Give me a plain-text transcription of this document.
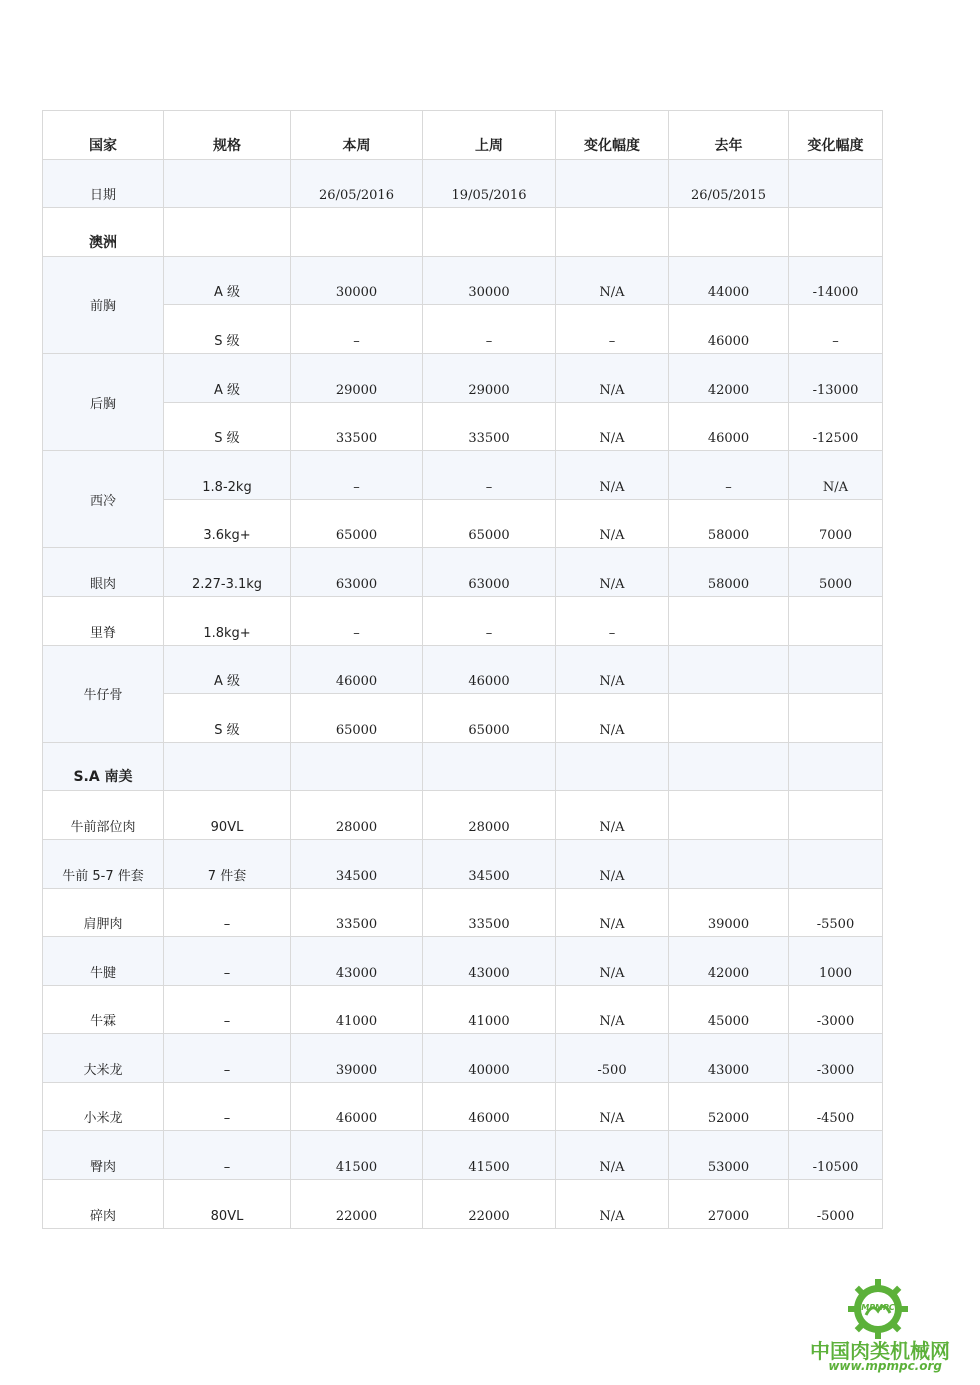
国家	规格	本周	上周	变化幅度	去年	变化幅度
日期		26/05/2016	19/05/2016		26/05/2015	
澳洲						
前胸	A 级	30000	30000	N/A	44000	-14000
	S 级	–	–	–	46000	–
后胸	A 级	29000	29000	N/A	42000	-13000
	S 级	33500	33500	N/A	46000	-12500
西冷	1.8-2kg	–	–	N/A	–	N/A
	3.6kg+	65000	65000	N/A	58000	7000
眼肉	2.27-3.1kg	63000	63000	N/A	58000	5000
里脊	1.8kg+	–	–	–		
牛仔骨	A 级	46000	46000	N/A		
	S 级	65000	65000	N/A		
S.A 南美						
牛前部位肉	90VL	28000	28000	N/A		
牛前 5-7 件套	7 件套	34500	34500	N/A		
肩胛肉	–	33500	33500	N/A	39000	-5500
牛腱	–	43000	43000	N/A	42000	1000
牛霖	–	41000	41000	N/A	45000	-3000
大米龙	–	39000	40000	-500	43000	-3000
小米龙	–	46000	46000	N/A	52000	-4500
臀肉	–	41500	41500	N/A	53000	-10500
碎肉	80VL	22000	22000	N/A	27000	-5000
MPMPC
中国肉类机械网
www.mpmpc.org
